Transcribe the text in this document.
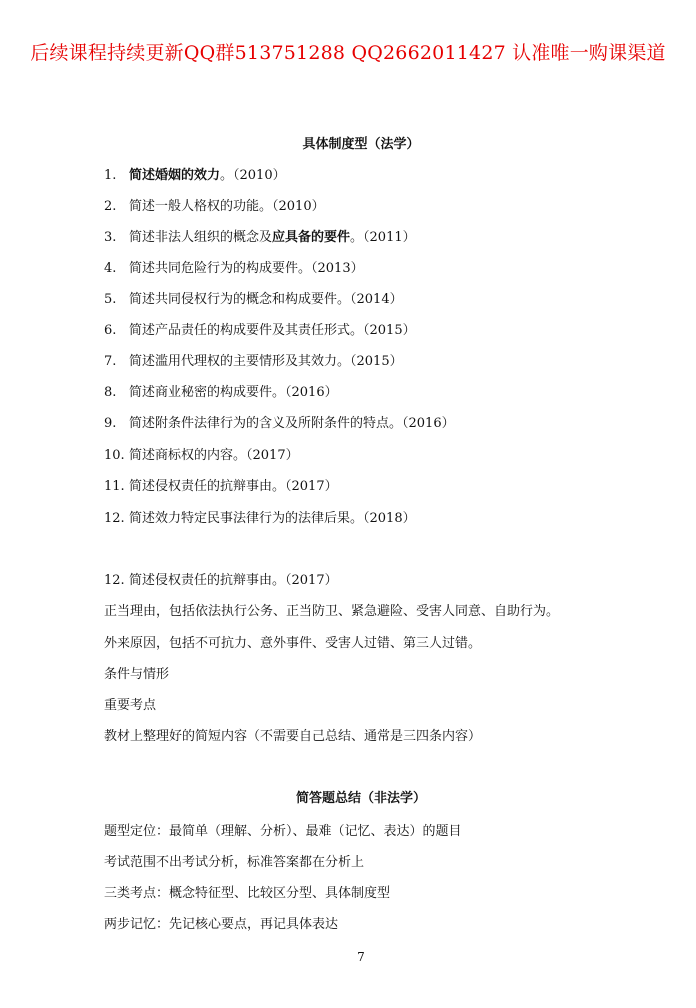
后续课程持续更新QQ群513751288 QQ2662011427 认准唯一购课渠道
具体制度型（法学）
1. 简述婚姻的效力。（2010）
2. 简述一般人格权的功能。（2010）
3. 简述非法人组织的概念及应具备的要件。（2011）
4. 简述共同危险行为的构成要件。（2013）
5. 简述共同侵权行为的概念和构成要件。（2014）
6. 简述产品责任的构成要件及其责任形式。（2015）
7. 简述滥用代理权的主要情形及其效力。（2015）
8. 简述商业秘密的构成要件。（2016）
9. 简述附条件法律行为的含义及所附条件的特点。（2016）
10. 简述商标权的内容。（2017）
11. 简述侵权责任的抗辩事由。（2017）
12. 简述效力特定民事法律行为的法律后果。（2018）
12. 简述侵权责任的抗辩事由。（2017）
正当理由，包括依法执行公务、正当防卫、紧急避险、受害人同意、自助行为。
外来原因，包括不可抗力、意外事件、受害人过错、第三人过错。
条件与情形
重要考点
教材上整理好的简短内容（不需要自己总结、通常是三四条内容）
简答题总结（非法学）
题型定位：最简单（理解、分析）、最难（记忆、表达）的题目
考试范围不出考试分析，标准答案都在分析上
三类考点：概念特征型、比较区分型、具体制度型
两步记忆：先记核心要点，再记具体表达
7
